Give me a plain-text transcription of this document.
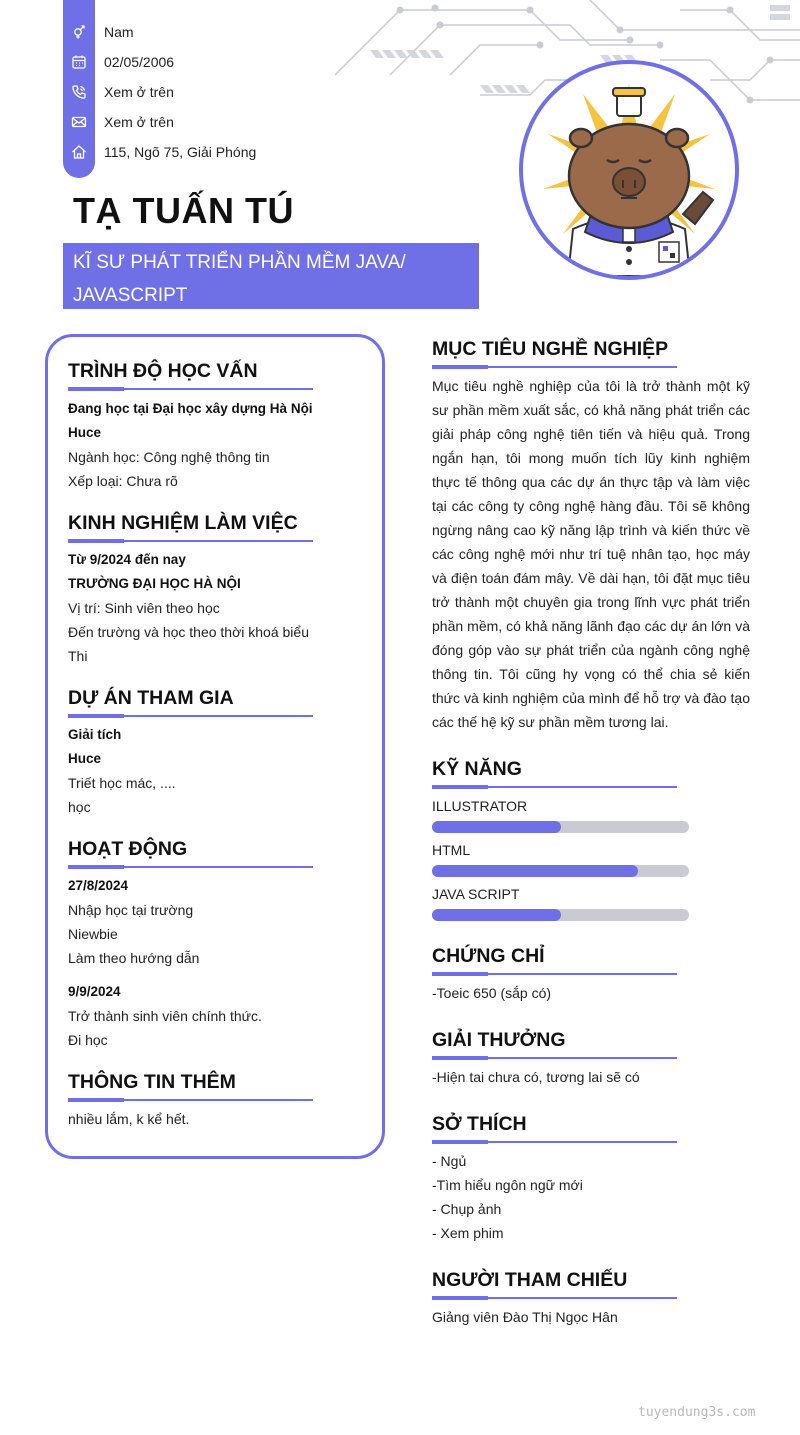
Nam
02/05/2006
Xem ở trên
Xem ở trên
115, Ngõ 75, Giải Phóng
TẠ TUẤN TÚ
KĨ SƯ PHÁT TRIỂN PHẦN MỀM JAVA/ JAVASCRIPT
TRÌNH ĐỘ HỌC VẤN
Đang học tại Đại học xây dựng Hà Nội
Huce
Ngành học: Công nghệ thông tin
Xếp loại: Chưa rõ
KINH NGHIỆM LÀM VIỆC
Từ 9/2024 đến nay
TRƯỜNG ĐẠI HỌC HÀ NỘI
Vị trí: Sinh viên theo học
Đến trường và học theo thời khoá biểu
Thi
DỰ ÁN THAM GIA
Giải tích
Huce
Triết học mác, ....
học
HOẠT ĐỘNG
27/8/2024
Nhập học tại trường
Niewbie
Làm theo hướng dẫn
9/9/2024
Trở thành sinh viên chính thức.
Đi học
THÔNG TIN THÊM
nhiều lắm, k kể hết.
MỤC TIÊU NGHỀ NGHIỆP
Mục tiêu nghề nghiệp của tôi là trở thành một kỹ sư phần mềm xuất sắc, có khả năng phát triển các giải pháp công nghệ tiên tiến và hiệu quả. Trong ngắn hạn, tôi mong muốn tích lũy kinh nghiệm thực tế thông qua các dự án thực tập và làm việc tại các công ty công nghệ hàng đầu. Tôi sẽ không ngừng nâng cao kỹ năng lập trình và kiến thức về các công nghệ mới như trí tuệ nhân tạo, học máy và điện toán đám mây. Về dài hạn, tôi đặt mục tiêu trở thành một chuyên gia trong lĩnh vực phát triển phần mềm, có khả năng lãnh đạo các dự án lớn và đóng góp vào sự phát triển của ngành công nghệ thông tin. Tôi cũng hy vọng có thể chia sẻ kiến thức và kinh nghiệm của mình để hỗ trợ và đào tạo các thế hệ kỹ sư phần mềm tương lai.
KỸ NĂNG
ILLUSTRATOR
HTML
JAVA SCRIPT
CHỨNG CHỈ
-Toeic 650 (sắp có)
GIẢI THƯỞNG
-Hiện tai chưa có, tương lai sẽ có
SỞ THÍCH
- Ngủ
-Tìm hiểu ngôn ngữ mới
- Chụp ảnh
- Xem phim
NGƯỜI THAM CHIẾU
Giảng viên Đào Thị Ngọc Hân
tuyendung3s.com
